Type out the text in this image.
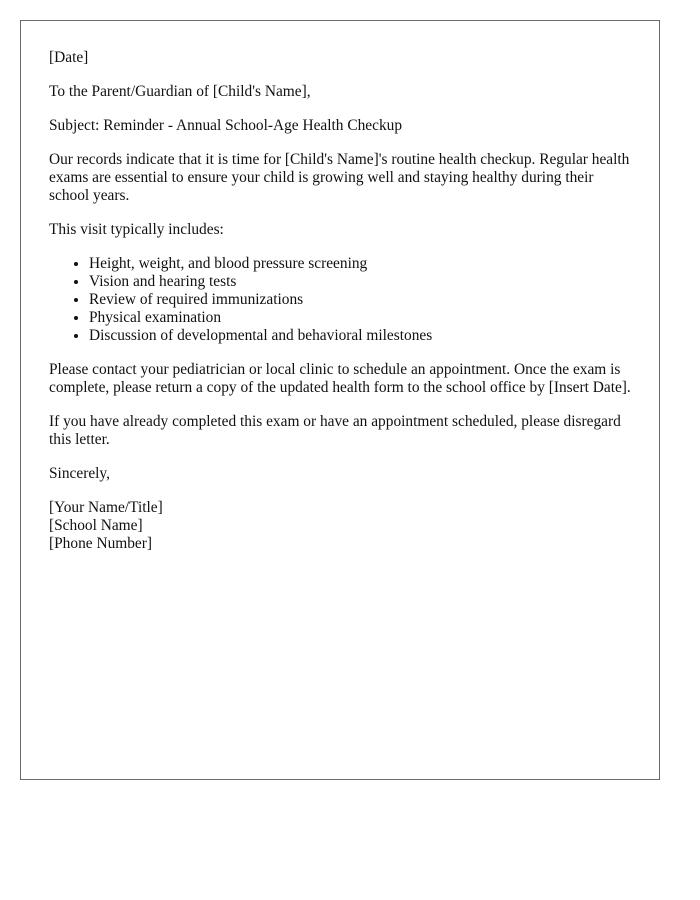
[Date]

To the Parent/Guardian of [Child's Name],

Subject: Reminder - Annual School-Age Health Checkup

Our records indicate that it is time for [Child's Name]'s routine health checkup. Regular health exams are essential to ensure your child is growing well and staying healthy during their school years.

This visit typically includes:

• Height, weight, and blood pressure screening
• Vision and hearing tests
• Review of required immunizations
• Physical examination
• Discussion of developmental and behavioral milestones

Please contact your pediatrician or local clinic to schedule an appointment. Once the exam is complete, please return a copy of the updated health form to the school office by [Insert Date].

If you have already completed this exam or have an appointment scheduled, please disregard this letter.

Sincerely,

[Your Name/Title]
[School Name]
[Phone Number]
